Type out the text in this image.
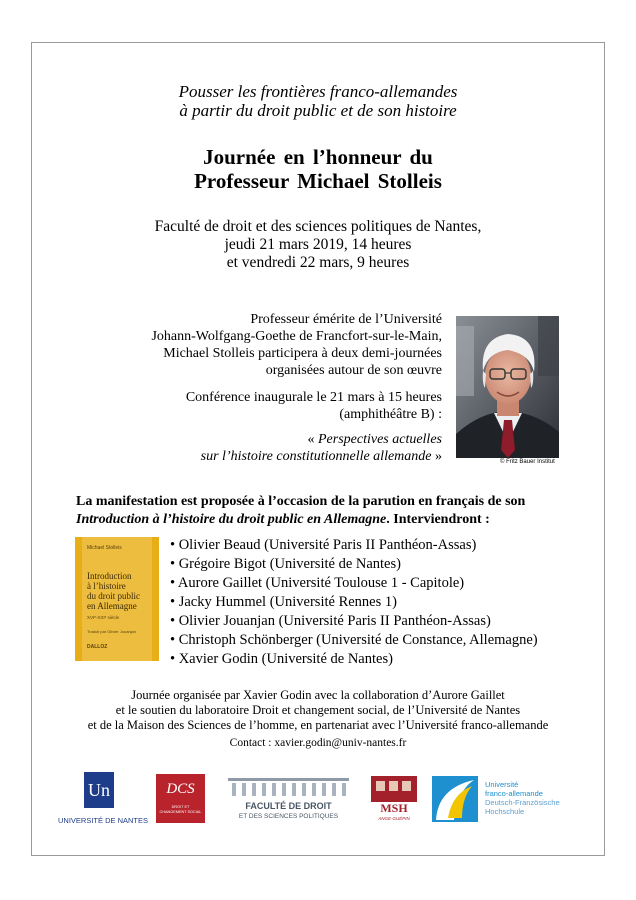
Pousser les frontières franco-allemandes
à partir du droit public et de son histoire
Journée en l’honneur du
Professeur Michael Stolleis
Faculté de droit et des sciences politiques de Nantes,
jeudi 21 mars 2019, 14 heures
et vendredi 22 mars, 9 heures
Professeur émérite de l’Université
Johann-Wolfgang-Goethe de Francfort-sur-le-Main,
Michael Stolleis participera à deux demi-journées
organisées autour de son œuvre
Conférence inaugurale le 21 mars à 15 heures
(amphithéâtre B) :
« Perspectives actuelles
sur l’histoire constitutionnelle allemande »	© Fritz Bauer Institut
La manifestation est proposée à l’occasion de la parution en français de son
Introduction à l’histoire du droit public en Allemagne. Interviendront :
Michael Stolleis
Introduction
à l’histoire
du droit public
en Allemagne
XVIᵉ-XXIᵉ siècle
Traduit par Olivier Jouanjan
DALLOZ
• Olivier Beaud (Université Paris II Panthéon-Assas)
• Grégoire Bigot (Université de Nantes)
• Aurore Gaillet (Université Toulouse 1 - Capitole)
• Jacky Hummel (Université Rennes 1)
• Olivier Jouanjan (Université Paris II Panthéon-Assas)
• Christoph Schönberger (Université de Constance, Allemagne)
• Xavier Godin (Université de Nantes)
Journée organisée par Xavier Godin avec la collaboration d’Aurore Gaillet
et le soutien du laboratoire Droit et changement social, de l’Université de Nantes
et de la Maison des Sciences de l’homme, en partenariat avec l’Université franco-allemande
Contact : xavier.godin@univ-nantes.fr
Un
UNIVERSITÉ DE NANTES
DCS
DROIT ET
CHANGEMENT SOCIAL
FACULTÉ DE DROIT
ET DES SCIENCES POLITIQUES
MSH
ANGE-GUÉPIN
Université
franco-allemande
Deutsch-Französische
Hochschule
